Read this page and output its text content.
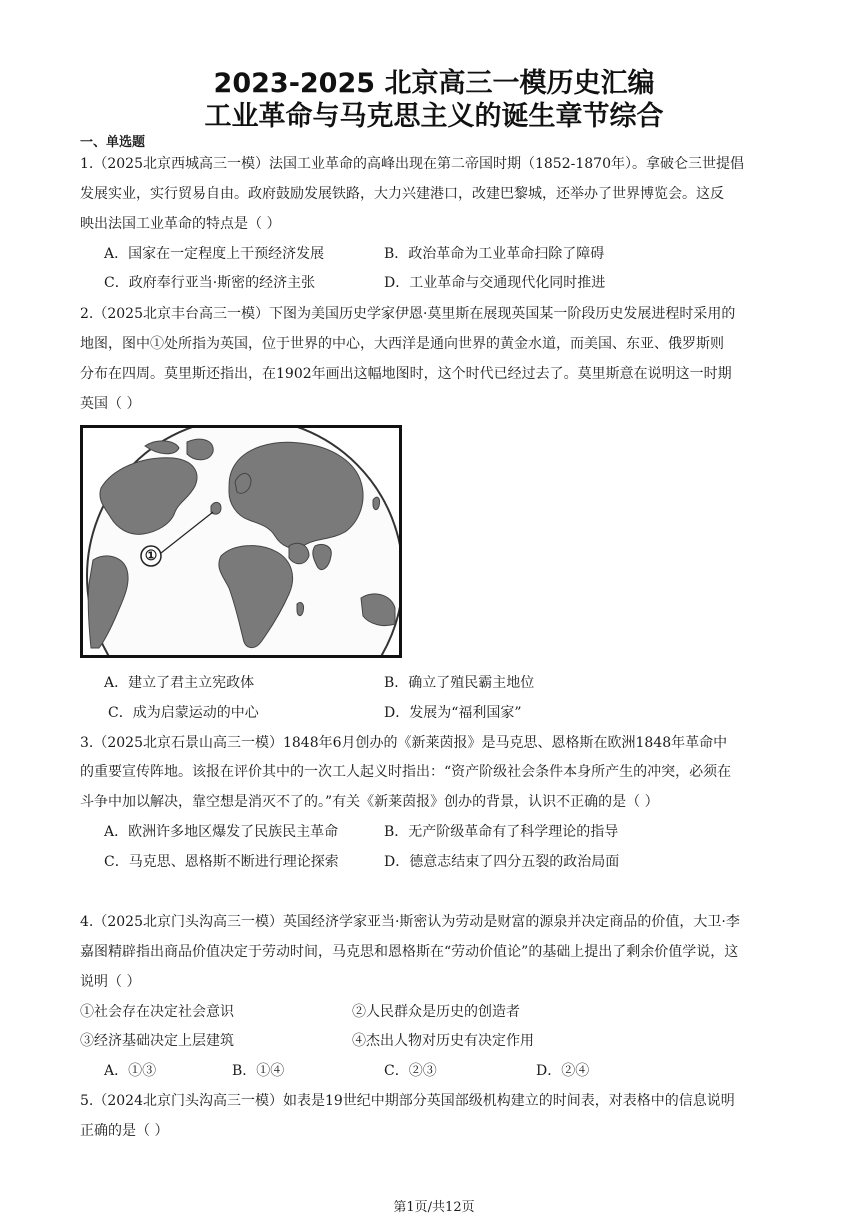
2023-2025 北京高三一模历史汇编
工业革命与马克思主义的诞生章节综合
一、单选题
1.（2025北京西城高三一模）法国工业革命的高峰出现在第二帝国时期（1852-1870年）。拿破仑三世提倡
发展实业，实行贸易自由。政府鼓励发展铁路，大力兴建港口，改建巴黎城，还举办了世界博览会。这反
映出法国工业革命的特点是（ ）
A．国家在一定程度上干预经济发展	B．政治革命为工业革命扫除了障碍
C．政府奉行亚当·斯密的经济主张	D．工业革命与交通现代化同时推进
2.（2025北京丰台高三一模）下图为美国历史学家伊恩·莫里斯在展现英国某一阶段历史发展进程时采用的
地图，图中①处所指为英国，位于世界的中心，大西洋是通向世界的黄金水道，而美国、东亚、俄罗斯则
分布在四周。莫里斯还指出，在1902年画出这幅地图时，这个时代已经过去了。莫里斯意在说明这一时期
英国（ ）
①
A．建立了君主立宪政体	B．确立了殖民霸主地位
C．成为启蒙运动的中心	D．发展为“福利国家”
3.（2025北京石景山高三一模）1848年6月创办的《新莱茵报》是马克思、恩格斯在欧洲1848年革命中
的重要宣传阵地。该报在评价其中的一次工人起义时指出：“资产阶级社会条件本身所产生的冲突，必须在
斗争中加以解决，靠空想是消灭不了的。”有关《新莱茵报》创办的背景，认识不正确的是（ ）
A．欧洲许多地区爆发了民族民主革命	B．无产阶级革命有了科学理论的指导
C．马克思、恩格斯不断进行理论探索	D．德意志结束了四分五裂的政治局面
4.（2025北京门头沟高三一模）英国经济学家亚当·斯密认为劳动是财富的源泉并决定商品的价值，大卫·李
嘉图精辟指出商品价值决定于劳动时间，马克思和恩格斯在“劳动价值论”的基础上提出了剩余价值学说，这
说明（ ）
①社会存在决定社会意识	②人民群众是历史的创造者
③经济基础决定上层建筑	④杰出人物对历史有决定作用
A．①③	B．①④	C．②③	D．②④
5.（2024北京门头沟高三一模）如表是19世纪中期部分英国部级机构建立的时间表，对表格中的信息说明
正确的是（ ）
第1页/共12页
